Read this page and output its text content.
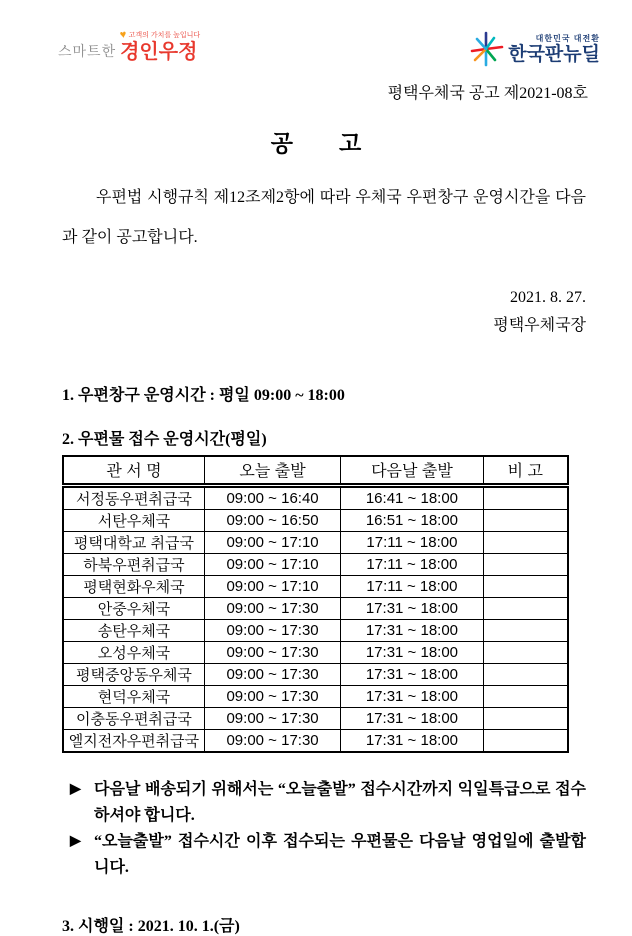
스마트한
♥ 고객의 가치를 높입니다
경인우정
대한민국 대전환
한국판뉴딜
평택우체국 공고 제2021-08호
공        고

우편법 시행규칙 제12조제2항에 따라 우체국 우편창구 운영시간을 다음과 같이 공고합니다.

2021. 8. 27.
평택우체국장
1. 우편창구 운영시간 : 평일 09:00 ~ 18:00
2. 우편물 접수 운영시간(평일)
관 서 명	오늘 출발	다음날 출발	비 고
서정동우편취급국	09:00 ~ 16:40	16:41 ~ 18:00	
서탄우체국	09:00 ~ 16:50	16:51 ~ 18:00	
평택대학교 취급국	09:00 ~ 17:10	17:11 ~ 18:00	
하북우편취급국	09:00 ~ 17:10	17:11 ~ 18:00	
평택현화우체국	09:00 ~ 17:10	17:11 ~ 18:00	
안중우체국	09:00 ~ 17:30	17:31 ~ 18:00	
송탄우체국	09:00 ~ 17:30	17:31 ~ 18:00	
오성우체국	09:00 ~ 17:30	17:31 ~ 18:00	
평택중앙동우체국	09:00 ~ 17:30	17:31 ~ 18:00	
현덕우체국	09:00 ~ 17:30	17:31 ~ 18:00	
이충동우편취급국	09:00 ~ 17:30	17:31 ~ 18:00	
엘지전자우편취급국	09:00 ~ 17:30	17:31 ~ 18:00	
▶ 다음날 배송되기 위해서는 “오늘출발” 접수시간까지 익일특급으로 접수하셔야 합니다.
▶ “오늘출발” 접수시간 이후 접수되는 우편물은 다음날 영업일에 출발합니다.
3. 시행일 : 2021. 10. 1.(금)
